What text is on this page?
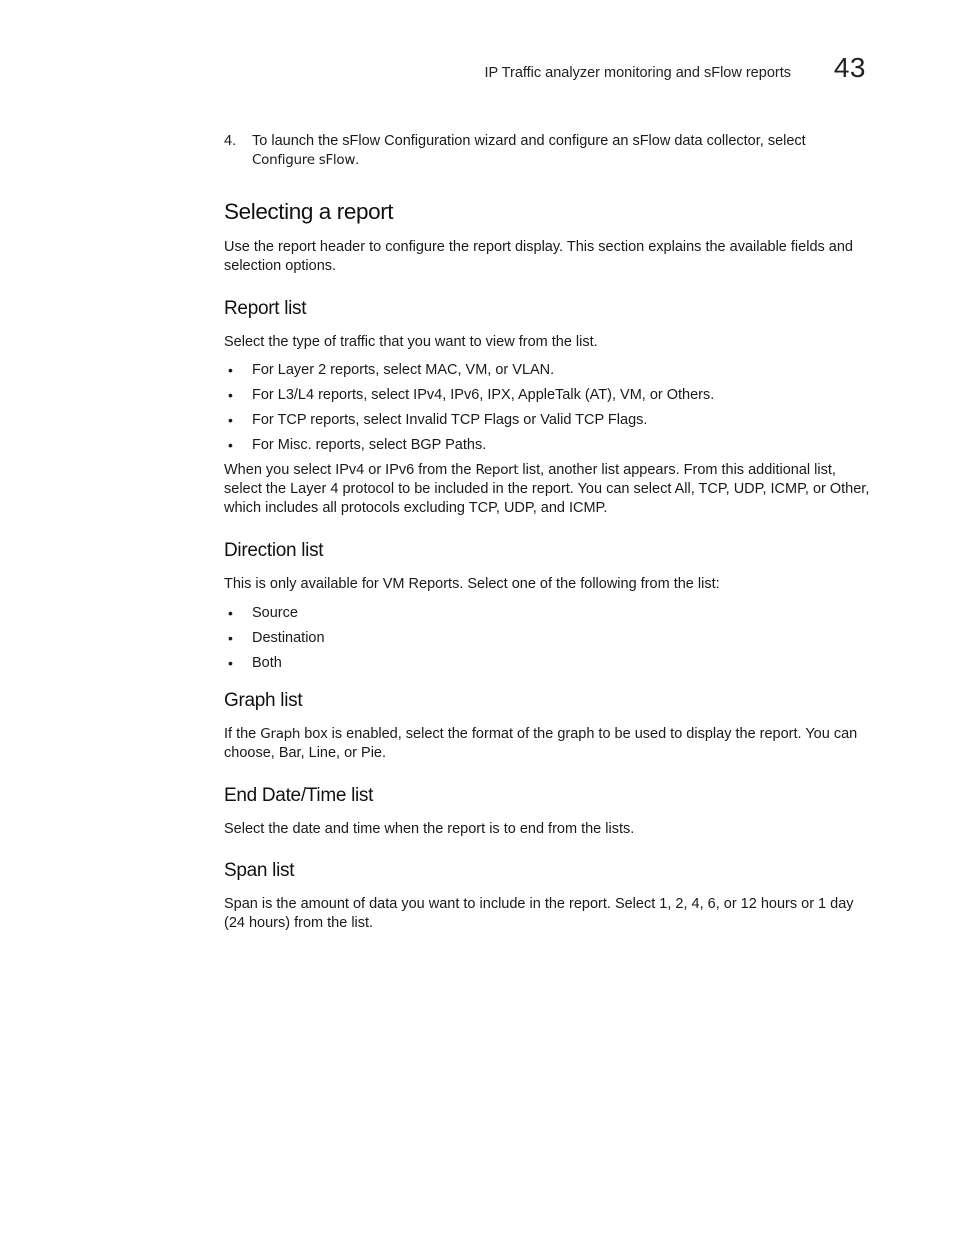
IP Traffic analyzer monitoring and sFlow reports 43
4. To launch the sFlow Configuration wizard and configure an sFlow data collector, select Configure sFlow.
Selecting a report

Use the report header to configure the report display. This section explains the available fields and selection options.

Report list

Select the type of traffic that you want to view from the list.

• For Layer 2 reports, select MAC, VM, or VLAN.
• For L3/L4 reports, select IPv4, IPv6, IPX, AppleTalk (AT), VM, or Others.
• For TCP reports, select Invalid TCP Flags or Valid TCP Flags.
• For Misc. reports, select BGP Paths.

When you select IPv4 or IPv6 from the Report list, another list appears. From this additional list, select the Layer 4 protocol to be included in the report. You can select All, TCP, UDP, ICMP, or Other, which includes all protocols excluding TCP, UDP, and ICMP.

Direction list

This is only available for VM Reports. Select one of the following from the list:

• Source
• Destination
• Both
Graph list

If the Graph box is enabled, select the format of the graph to be used to display the report. You can choose, Bar, Line, or Pie.

End Date/Time list

Select the date and time when the report is to end from the lists.

Span list

Span is the amount of data you want to include in the report. Select 1, 2, 4, 6, or 12 hours or 1 day (24 hours) from the list.
